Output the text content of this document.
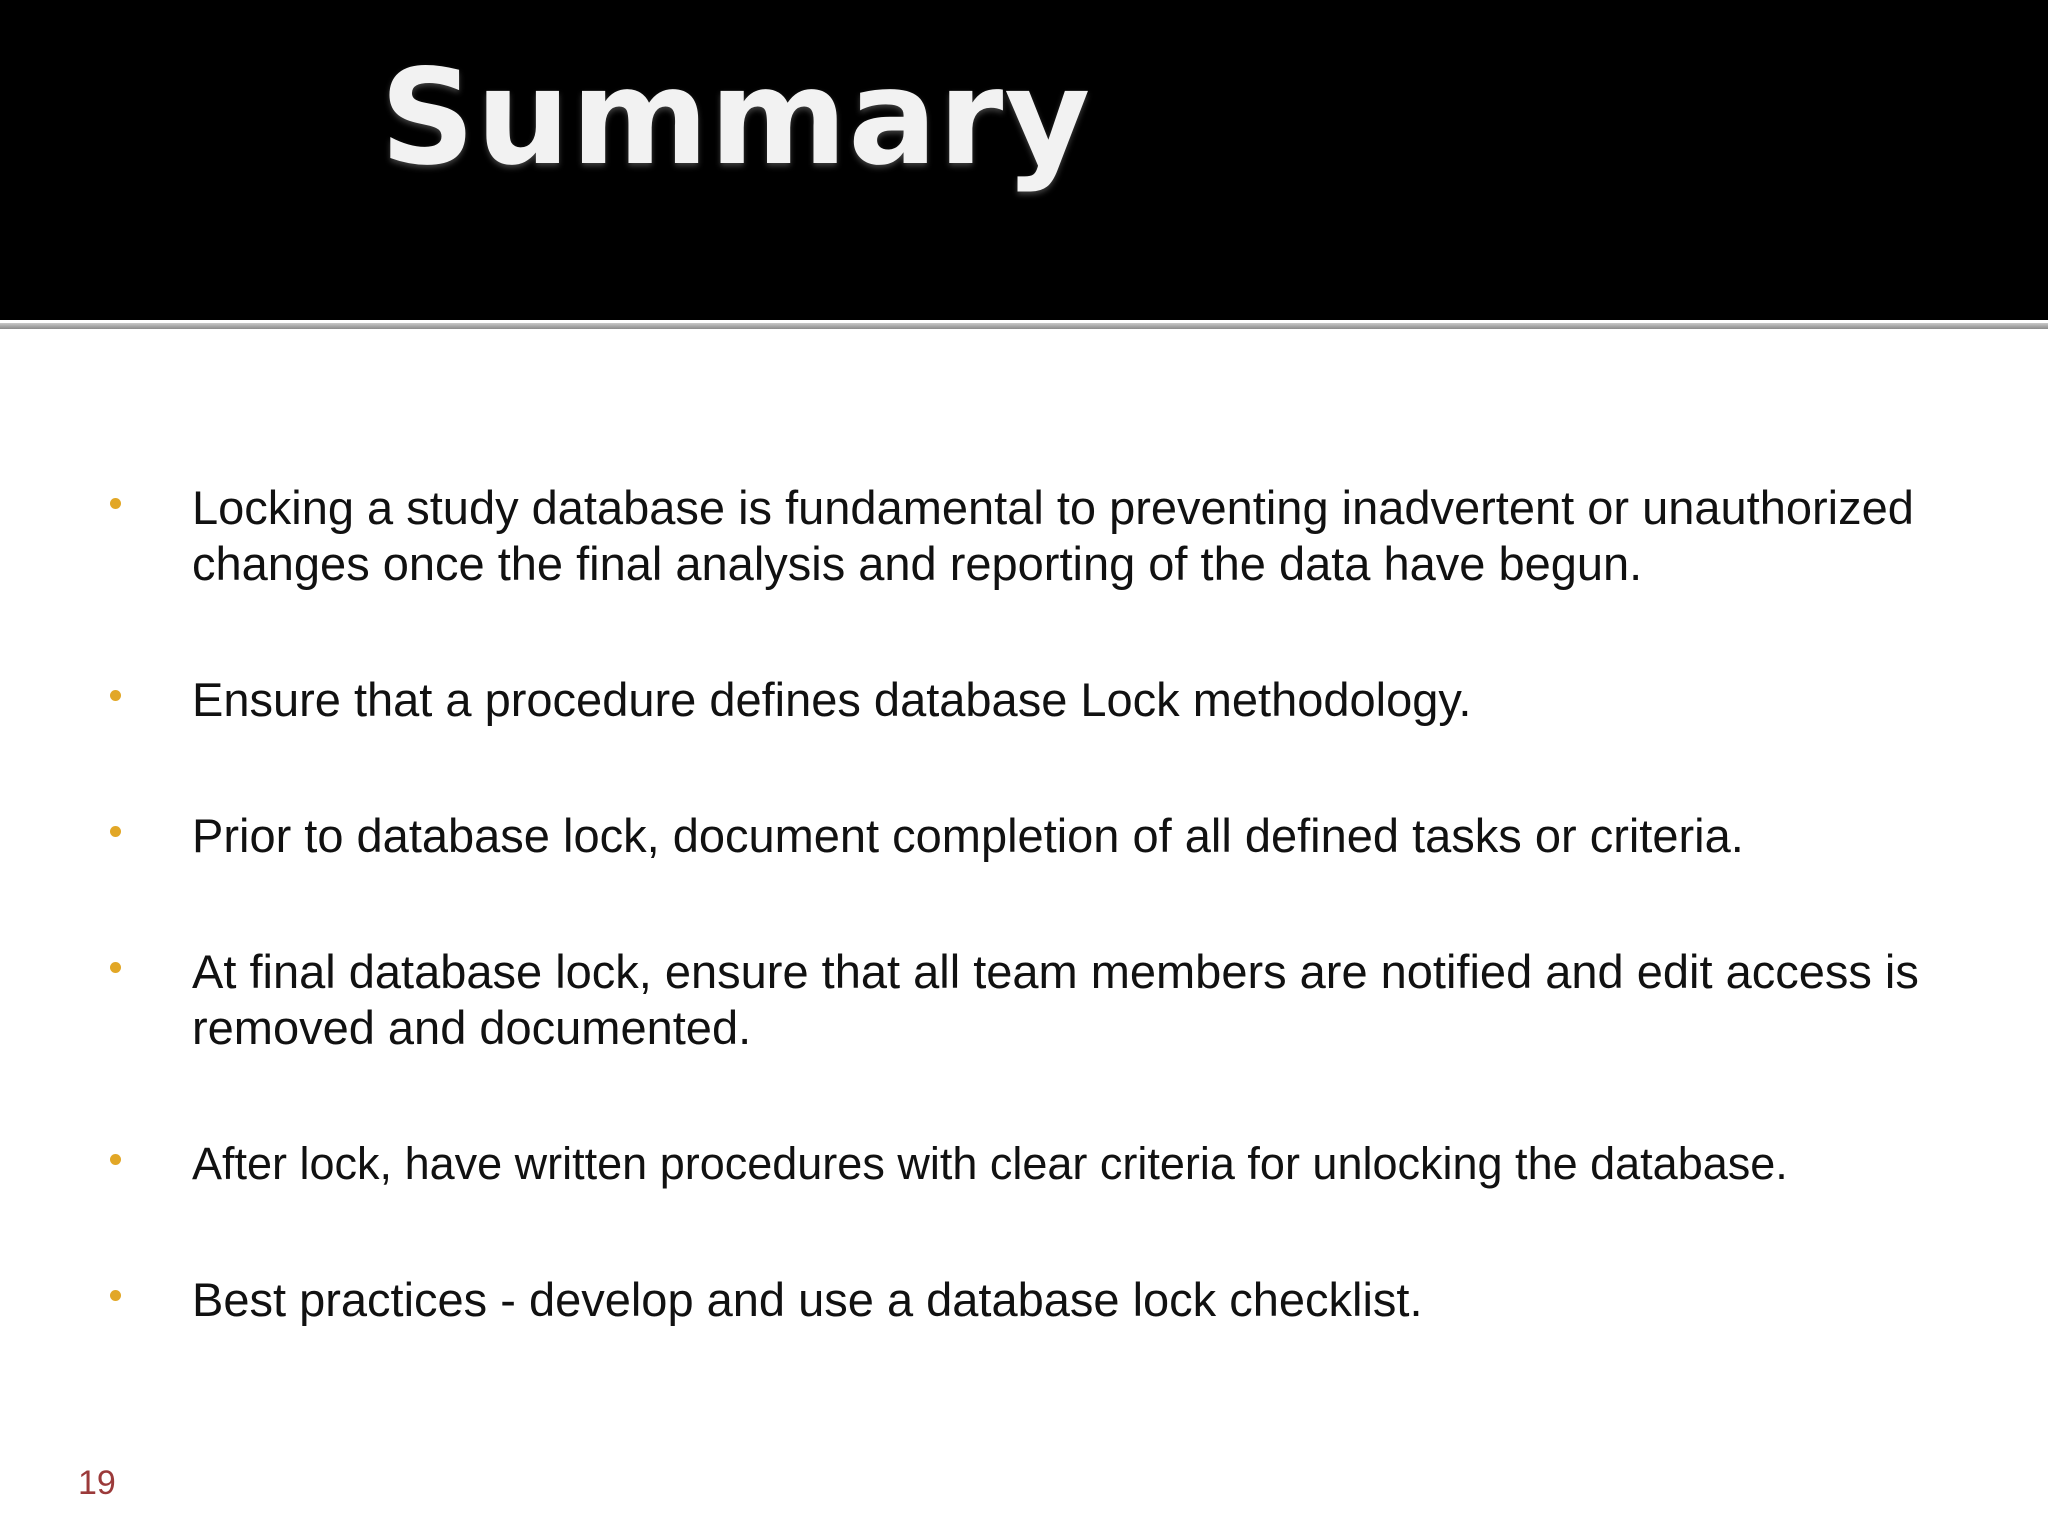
Summary
Locking a study database is fundamental to preventing inadvertent or unauthorized changes once the final analysis and reporting of the data have begun.
Ensure that a procedure defines database Lock methodology.
Prior to database lock, document completion of all defined tasks or criteria.
At final database lock, ensure that all team members are notified and edit access is removed and documented.
After lock, have written procedures with clear criteria for unlocking the database.
Best practices - develop and use a database lock checklist.
19
